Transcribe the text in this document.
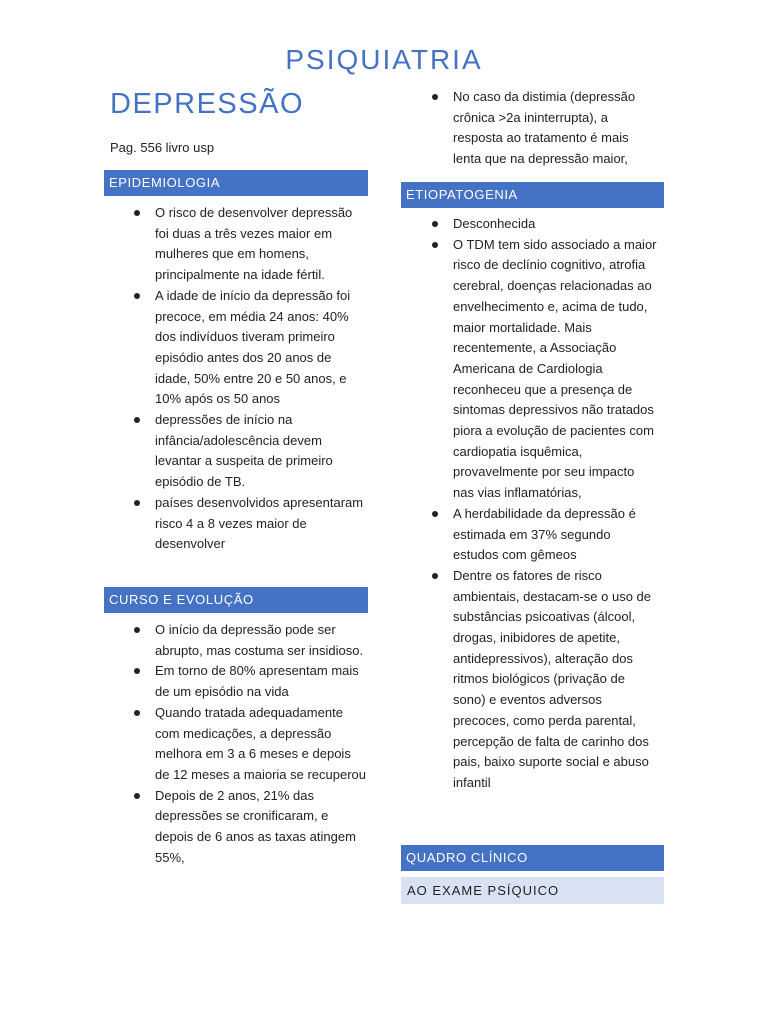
PSIQUIATRIA
DEPRESSÃO
Pag. 556 livro usp
EPIDEMIOLOGIA
O risco de desenvolver depressão foi duas a três vezes maior em mulheres que em homens, principalmente na idade fértil.
A idade de início da depressão foi precoce, em média 24 anos: 40% dos indivíduos tiveram primeiro episódio antes dos 20 anos de idade, 50% entre 20 e 50 anos, e 10% após os 50 anos
depressões de início na infância/adolescência devem levantar a suspeita de primeiro episódio de TB.
países desenvolvidos apresentaram risco 4 a 8 vezes maior de desenvolver
CURSO E EVOLUÇÃO
O início da depressão pode ser abrupto, mas costuma ser insidioso.
Em torno de 80% apresentam mais de um episódio na vida
Quando tratada adequadamente com medicações, a depressão melhora em 3 a 6 meses e depois de 12 meses a maioria se recuperou
Depois de 2 anos, 21% das depressões se cronificaram, e depois de 6 anos as taxas atingem 55%,
No caso da distimia (depressão crônica >2a ininterrupta), a resposta ao tratamento é mais lenta que na depressão maior,
ETIOPATOGENIA
Desconhecida
O TDM tem sido associado a maior risco de declínio cognitivo, atrofia cerebral, doenças relacionadas ao envelhecimento e, acima de tudo, maior mortalidade. Mais recentemente, a Associação Americana de Cardiologia reconheceu que a presença de sintomas depressivos não tratados piora a evolução de pacientes com cardiopatia isquêmica, provavelmente por seu impacto nas vias inflamatórias,
A herdabilidade da depressão é estimada em 37% segundo estudos com gêmeos
Dentre os fatores de risco ambientais, destacam-se o uso de substâncias psicoativas (álcool, drogas, inibidores de apetite, antidepressivos), alteração dos ritmos biológicos (privação de sono) e eventos adversos precoces, como perda parental, percepção de falta de carinho dos pais, baixo suporte social e abuso infantil
QUADRO CLÍNICO
AO EXAME PSÍQUICO
